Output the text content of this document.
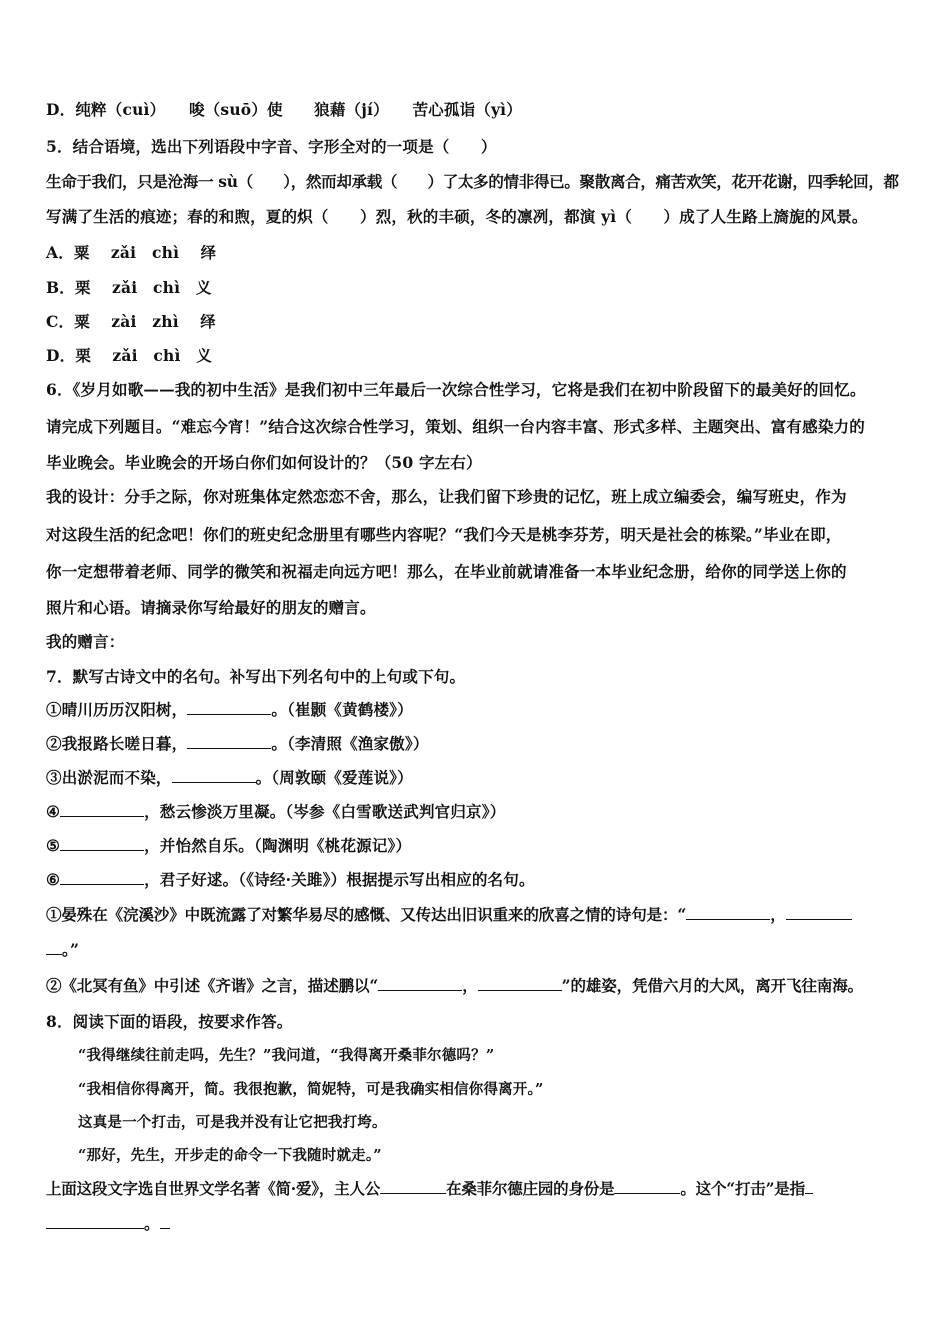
D．纯粹（cuì）　　唆（suō）使　　狼藉（jí）　　苦心孤诣（yì）
5．结合语境，选出下列语段中字音、字形全对的一项是（　　）
生命于我们，只是沧海一 sù（　　），然而却承载（　　）了太多的情非得已。聚散离合，痛苦欢笑，花开花谢，四季轮回，都
写满了生活的痕迹；春的和煦，夏的炽（　　）烈，秋的丰硕，冬的凛冽，都演 yì（　　）成了人生路上旖旎的风景。
A．粟　 zǎi　chì　 绎
B．栗　 zǎi　chì　义
C．粟　 zài　zhì　 绎
D．栗　 zǎi　chì　义
6．《岁月如歌——我的初中生活》是我们初中三年最后一次综合性学习，它将是我们在初中阶段留下的最美好的回忆。
请完成下列题目。“难忘今宵！”结合这次综合性学习，策划、组织一台内容丰富、形式多样、主题突出、富有感染力的
毕业晚会。毕业晚会的开场白你们如何设计的？（50 字左右）
我的设计：分手之际，你对班集体定然恋恋不舍，那么，让我们留下珍贵的记忆，班上成立编委会，编写班史，作为
对这段生活的纪念吧！你们的班史纪念册里有哪些内容呢？“我们今天是桃李芬芳，明天是社会的栋梁。”毕业在即，
你一定想带着老师、同学的微笑和祝福走向远方吧！那么，在毕业前就请准备一本毕业纪念册，给你的同学送上你的
照片和心语。请摘录你写给最好的朋友的赠言。
我的赠言：
7．默写古诗文中的名句。补写出下列名句中的上句或下句。
①晴川历历汉阳树，	。（崔颢《黄鹤楼》）
②我报路长嗟日暮，	。（李清照《渔家傲》）
③出淤泥而不染，	。（周敦颐《爱莲说》）
④	，愁云惨淡万里凝。（岑参《白雪歌送武判官归京》）
⑤	，并怡然自乐。（陶渊明《桃花源记》）
⑥	，君子好逑。（《诗经·关雎》）根据提示写出相应的名句。
①晏殊在《浣溪沙》中既流露了对繁华易尽的感慨、又传达出旧识重来的欣喜之情的诗句是：“	，
。”
②《北冥有鱼》中引述《齐谐》之言，描述鹏以“	，	”的雄姿，凭借六月的大风，离开飞往南海。
8．阅读下面的语段，按要求作答。
“我得继续往前走吗，先生？”我问道，“我得离开桑菲尔德吗？”
“我相信你得离开，简。我很抱歉，简妮特，可是我确实相信你得离开。”
这真是一个打击，可是我并没有让它把我打垮。
“那好，先生，开步走的命令一下我随时就走。”
上面这段文字选自世界文学名著《简·爱》，主人公	在桑菲尔德庄园的身份是	。这个“打击”是指
。
